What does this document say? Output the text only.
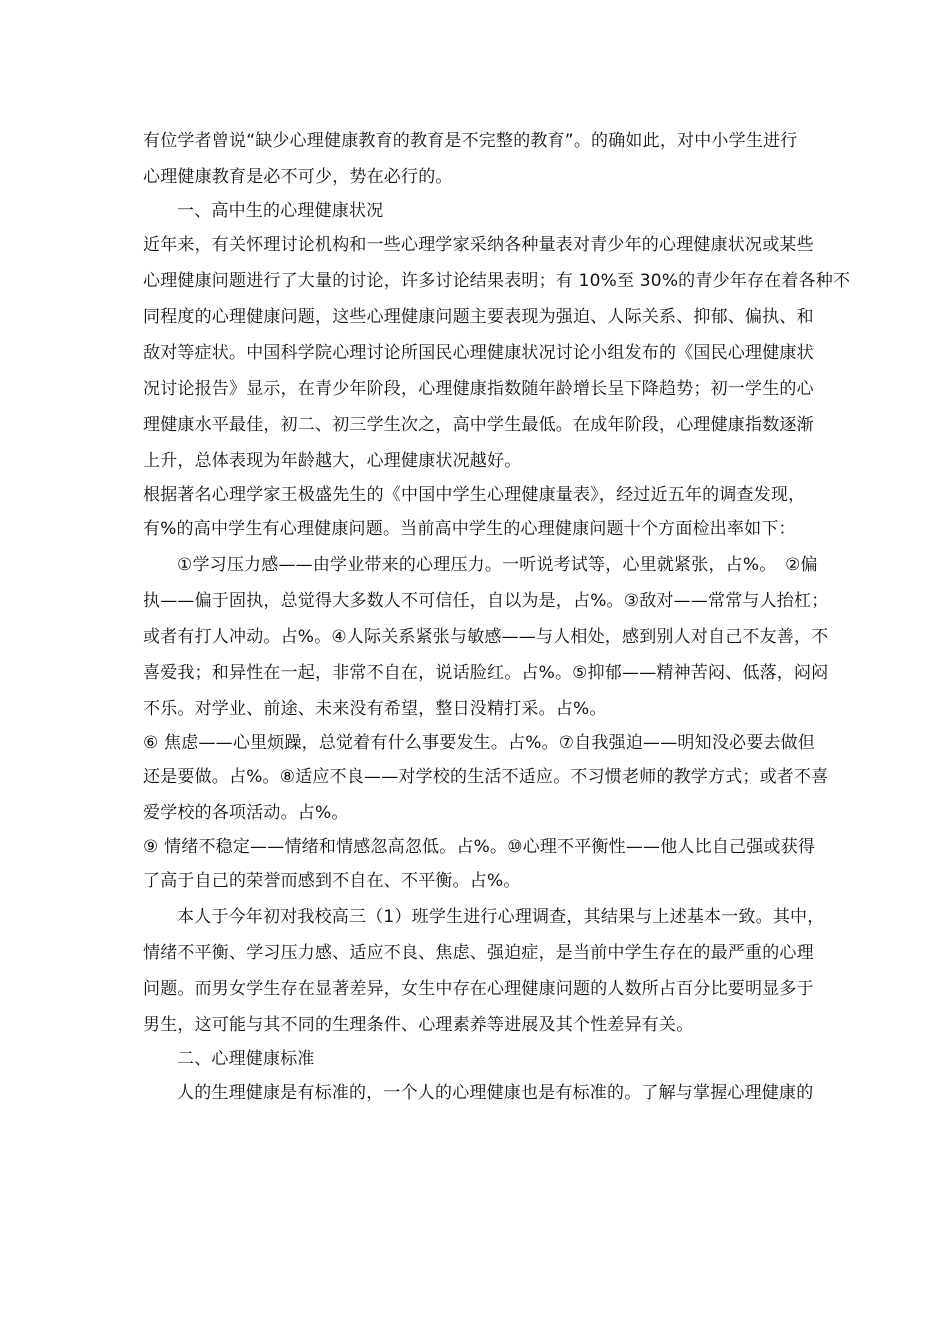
有位学者曾说“缺少心理健康教育的教育是不完整的教育”。的确如此，对中小学生进行
心理健康教育是必不可少，势在必行的。
一、高中生的心理健康状况
近年来，有关怀理讨论机构和一些心理学家采纳各种量表对青少年的心理健康状况或某些
心理健康问题进行了大量的讨论，许多讨论结果表明；有 10%至 30%的青少年存在着各种不
同程度的心理健康问题，这些心理健康问题主要表现为强迫、人际关系、抑郁、偏执、和
敌对等症状。中国科学院心理讨论所国民心理健康状况讨论小组发布的《国民心理健康状
况讨论报告》显示，在青少年阶段，心理健康指数随年龄增长呈下降趋势；初一学生的心
理健康水平最佳，初二、初三学生次之，高中学生最低。在成年阶段，心理健康指数逐渐
上升，总体表现为年龄越大，心理健康状况越好。
根据著名心理学家王极盛先生的《中国中学生心理健康量表》，经过近五年的调查发现，
有%的高中学生有心理健康问题。当前高中学生的心理健康问题十个方面检出率如下：
①学习压力感——由学业带来的心理压力。一听说考试等，心里就紧张，占%。　②偏
执——偏于固执，总觉得大多数人不可信任，自以为是，占%。③敌对——常常与人抬杠；
或者有打人冲动。占%。④人际关系紧张与敏感——与人相处，感到别人对自己不友善，不
喜爱我；和异性在一起，非常不自在，说话脸红。占%。⑤抑郁——精神苦闷、低落，闷闷
不乐。对学业、前途、未来没有希望，整日没精打采。占%。
⑥ 焦虑——心里烦躁，总觉着有什么事要发生。占%。⑦自我强迫——明知没必要去做但
还是要做。占%。⑧适应不良——对学校的生活不适应。不习惯老师的教学方式；或者不喜
爱学校的各项活动。占%。
⑨ 情绪不稳定——情绪和情感忽高忽低。占%。⑩心理不平衡性——他人比自己强或获得
了高于自己的荣誉而感到不自在、不平衡。占%。
本人于今年初对我校高三（1）班学生进行心理调查，其结果与上述基本一致。其中，
情绪不平衡、学习压力感、适应不良、焦虑、强迫症，是当前中学生存在的最严重的心理
问题。而男女学生存在显著差异，女生中存在心理健康问题的人数所占百分比要明显多于
男生，这可能与其不同的生理条件、心理素养等进展及其个性差异有关。
二、心理健康标准
人的生理健康是有标准的，一个人的心理健康也是有标准的。了解与掌握心理健康的
